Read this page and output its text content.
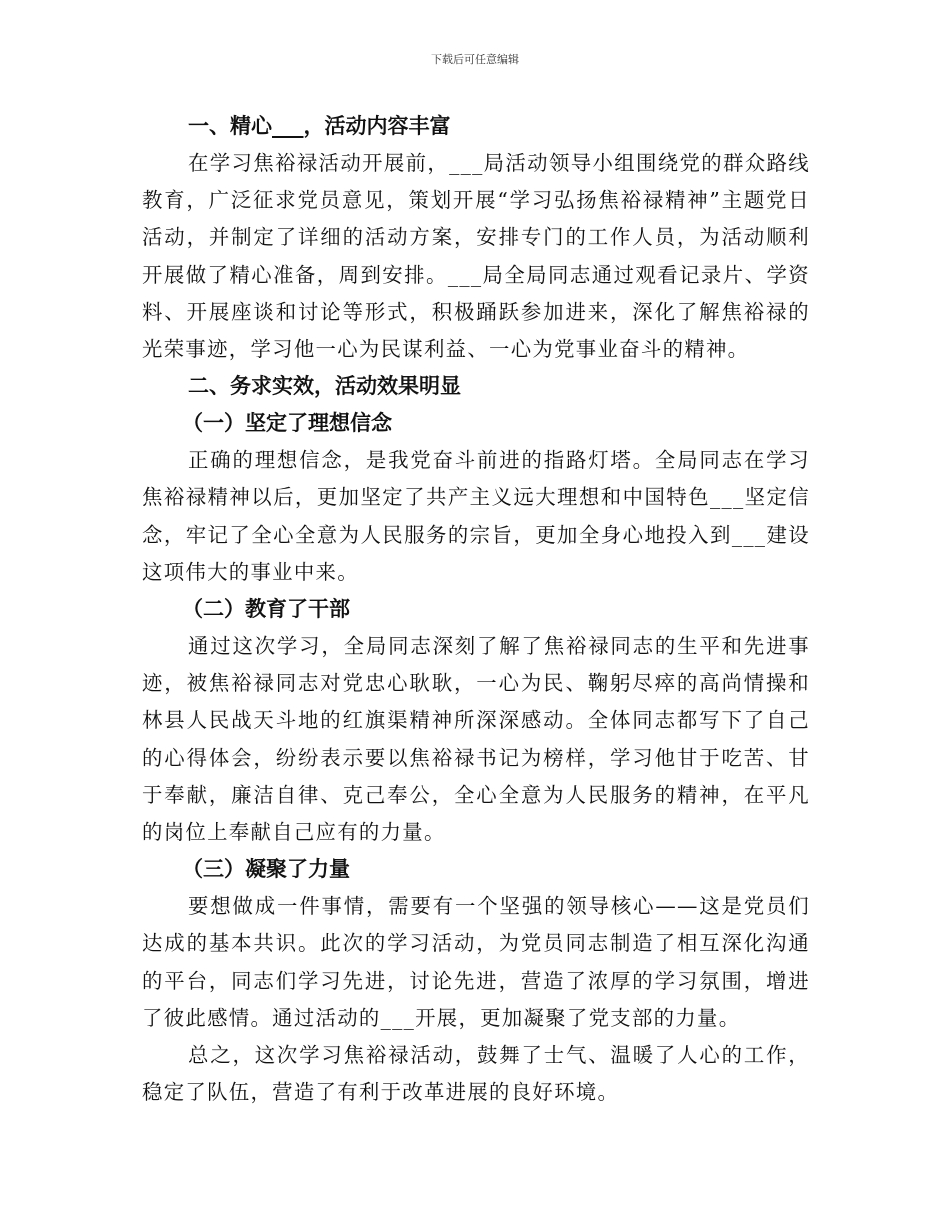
下载后可任意编辑

一、精心___，活动内容丰富

在学习焦裕禄活动开展前，___局活动领导小组围绕党的群众路线教育，广泛征求党员意见，策划开展“学习弘扬焦裕禄精神”主题党日活动，并制定了详细的活动方案，安排专门的工作人员，为活动顺利开展做了精心准备，周到安排。___局全局同志通过观看记录片、学资料、开展座谈和讨论等形式，积极踊跃参加进来，深化了解焦裕禄的光荣事迹，学习他一心为民谋利益、一心为党事业奋斗的精神。

二、务求实效，活动效果明显

（一）坚定了理想信念

正确的理想信念，是我党奋斗前进的指路灯塔。全局同志在学习焦裕禄精神以后，更加坚定了共产主义远大理想和中国特色___坚定信念，牢记了全心全意为人民服务的宗旨，更加全身心地投入到___建设这项伟大的事业中来。

（二）教育了干部

通过这次学习，全局同志深刻了解了焦裕禄同志的生平和先进事迹，被焦裕禄同志对党忠心耿耿，一心为民、鞠躬尽瘁的高尚情操和林县人民战天斗地的红旗渠精神所深深感动。全体同志都写下了自己的心得体会，纷纷表示要以焦裕禄书记为榜样，学习他甘于吃苦、甘于奉献，廉洁自律、克己奉公，全心全意为人民服务的精神，在平凡的岗位上奉献自己应有的力量。

（三）凝聚了力量

要想做成一件事情，需要有一个坚强的领导核心——这是党员们达成的基本共识。此次的学习活动，为党员同志制造了相互深化沟通的平台，同志们学习先进，讨论先进，营造了浓厚的学习氛围，增进了彼此感情。通过活动的___开展，更加凝聚了党支部的力量。

总之，这次学习焦裕禄活动，鼓舞了士气、温暖了人心的工作，稳定了队伍，营造了有利于改革进展的良好环境。
